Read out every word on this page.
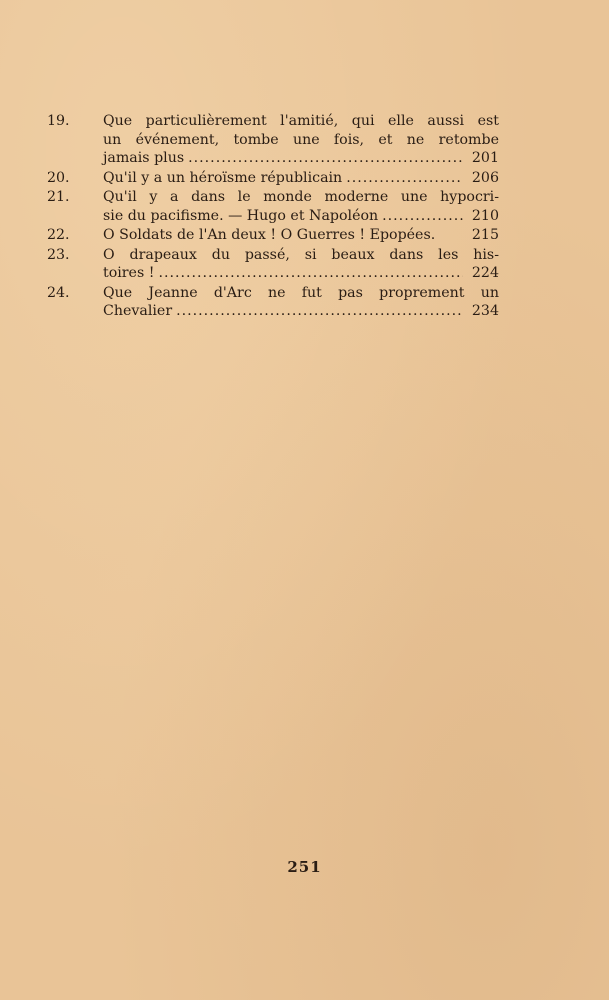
19.	Que particulièrement l'amitié, qui elle aussi est
un événement, tombe une fois, et ne retombe
jamais plus .....	201
20.	Qu'il y a un héroïsme républicain .....	206
21.	Qu'il y a dans le monde moderne une hypocri-
sie du pacifisme. — Hugo et Napoléon .....	210
22.	O Soldats de l'An deux ! O Guerres ! Epopées.	215
23.	O drapeaux du passé, si beaux dans les his-
toires ! .....	224
24.	Que Jeanne d'Arc ne fut pas proprement un
Chevalier .....	234
251
